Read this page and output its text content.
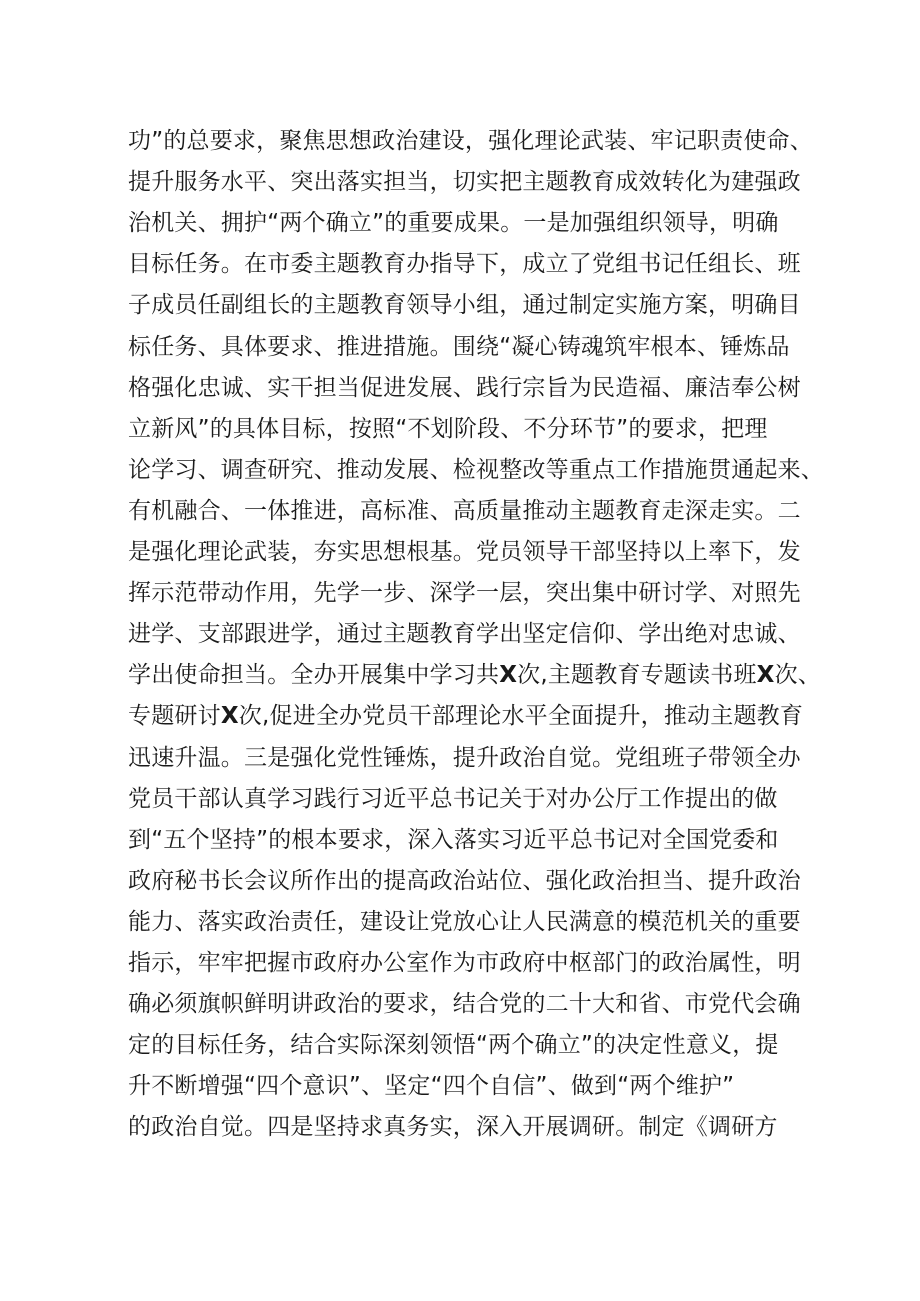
功”的总要求，聚焦思想政治建设，强化理论武装、牢记职责使命、
提升服务水平、突出落实担当，切实把主题教育成效转化为建强政
治机关、拥护“两个确立”的重要成果。一是加强组织领导，明确
目标任务。在市委主题教育办指导下，成立了党组书记任组长、班
子成员任副组长的主题教育领导小组，通过制定实施方案，明确目
标任务、具体要求、推进措施。围绕“凝心铸魂筑牢根本、锤炼品
格强化忠诚、实干担当促进发展、践行宗旨为民造福、廉洁奉公树
立新风”的具体目标，按照“不划阶段、不分环节”的要求，把理
论学习、调查研究、推动发展、检视整改等重点工作措施贯通起来、
有机融合、一体推进，高标准、高质量推动主题教育走深走实。二
是强化理论武装，夯实思想根基。党员领导干部坚持以上率下，发
挥示范带动作用，先学一步、深学一层，突出集中研讨学、对照先
进学、支部跟进学，通过主题教育学出坚定信仰、学出绝对忠诚、
学出使命担当。全办开展集中学习共X次,主题教育专题读书班X次、
专题研讨X次,促进全办党员干部理论水平全面提升，推动主题教育
迅速升温。三是强化党性锤炼，提升政治自觉。党组班子带领全办
党员干部认真学习践行习近平总书记关于对办公厅工作提出的做
到“五个坚持”的根本要求，深入落实习近平总书记对全国党委和
政府秘书长会议所作出的提高政治站位、强化政治担当、提升政治
能力、落实政治责任，建设让党放心让人民满意的模范机关的重要
指示，牢牢把握市政府办公室作为市政府中枢部门的政治属性，明
确必须旗帜鲜明讲政治的要求，结合党的二十大和省、市党代会确
定的目标任务，结合实际深刻领悟“两个确立”的决定性意义，提
升不断增强“四个意识”、坚定“四个自信”、做到“两个维护”
的政治自觉。四是坚持求真务实，深入开展调研。制定《调研方
